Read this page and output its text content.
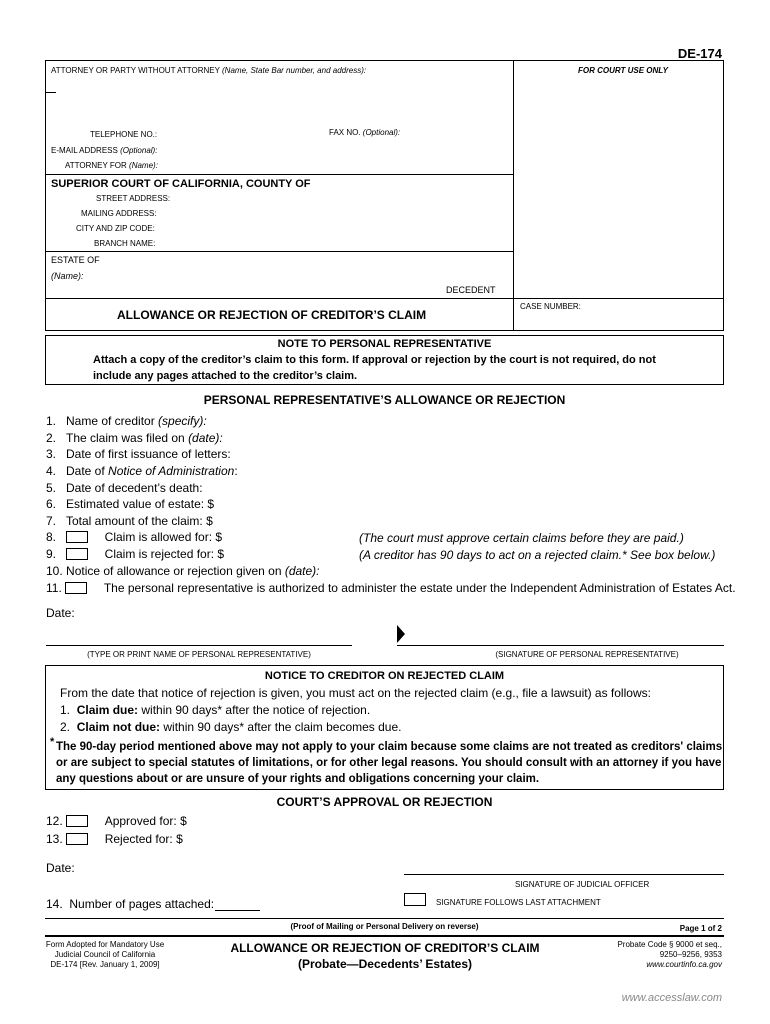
DE-174
ATTORNEY OR PARTY WITHOUT ATTORNEY (Name, State Bar number, and address):	FOR COURT USE ONLY
TELEPHONE NO.:	FAX NO. (Optional):
E-MAIL ADDRESS (Optional):
ATTORNEY FOR (Name):
SUPERIOR COURT OF CALIFORNIA, COUNTY OF
STREET ADDRESS:
MAILING ADDRESS:
CITY AND ZIP CODE:
BRANCH NAME:
ESTATE OF
(Name):
DECEDENT
ALLOWANCE OR REJECTION OF CREDITOR’S CLAIM
CASE NUMBER:
NOTE TO PERSONAL REPRESENTATIVE
Attach a copy of the creditor’s claim to this form. If approval or rejection by the court is not required, do not
include any pages attached to the creditor’s claim.
PERSONAL REPRESENTATIVE’S ALLOWANCE OR REJECTION
1. Name of creditor (specify):
2. The claim was filed on (date):
3. Date of first issuance of letters:
4. Date of Notice of Administration:
5. Date of decedent’s death:
6. Estimated value of estate: $
7. Total amount of the claim: $
8.	Claim is allowed for: $	(The court must approve certain claims before they are paid.)
9.	Claim is rejected for: $	(A creditor has 90 days to act on a rejected claim.* See box below.)
10. Notice of allowance or rejection given on (date):
11.	The personal representative is authorized to administer the estate under the Independent Administration of Estates Act.
Date:
(TYPE OR PRINT NAME OF PERSONAL REPRESENTATIVE)	(SIGNATURE OF PERSONAL REPRESENTATIVE)
NOTICE TO CREDITOR ON REJECTED CLAIM
From the date that notice of rejection is given, you must act on the rejected claim (e.g., file a lawsuit) as follows:
1. Claim due: within 90 days* after the notice of rejection.
2. Claim not due: within 90 days* after the claim becomes due.
* The 90-day period mentioned above may not apply to your claim because some claims are not treated as creditors' claims
or are subject to special statutes of limitations, or for other legal reasons. You should consult with an attorney if you have
any questions about or are unsure of your rights and obligations concerning your claim.
COURT’S APPROVAL OR REJECTION
12.	Approved for: $
13.	Rejected for: $
Date:
SIGNATURE OF JUDICIAL OFFICER
14. Number of pages attached:	SIGNATURE FOLLOWS LAST ATTACHMENT
(Proof of Mailing or Personal Delivery on reverse)	Page 1 of 2
Form Adopted for Mandatory Use
Judicial Council of California
DE-174 [Rev. January 1, 2009]
ALLOWANCE OR REJECTION OF CREDITOR’S CLAIM
(Probate—Decedents’ Estates)
Probate Code § 9000 et seq.,
9250–9256, 9353
www.courtinfo.ca.gov
www.accesslaw.com
